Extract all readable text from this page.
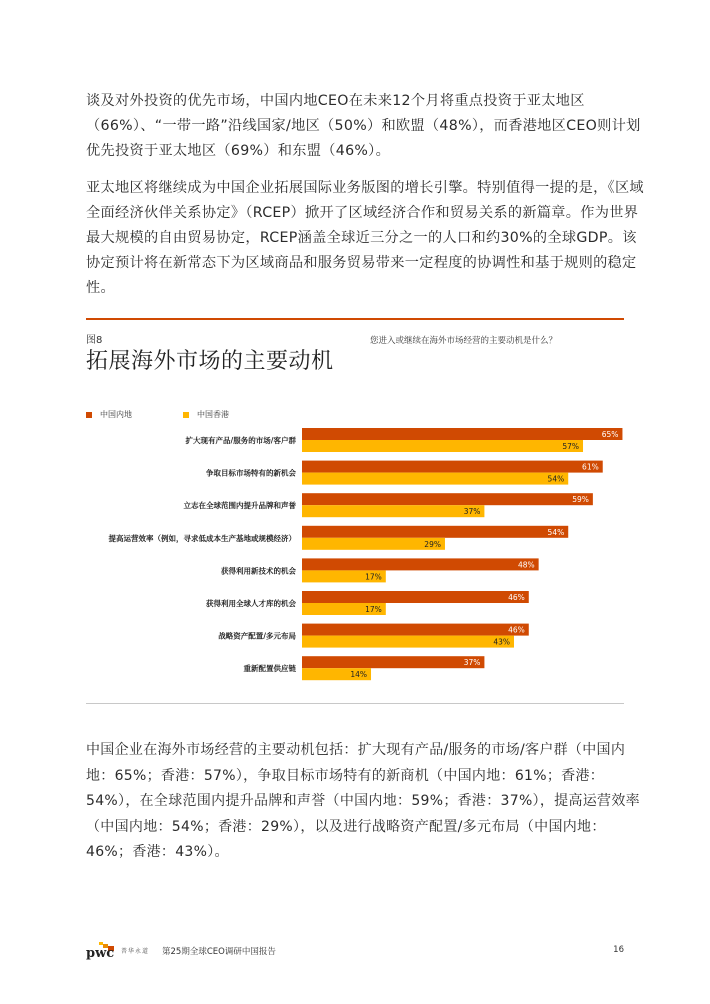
谈及对外投资的优先市场，中国内地CEO在未来12个月将重点投资于亚太地区（66%）、“一带一路”沿线国家/地区（50%）和欧盟（48%），而香港地区CEO则计划优先投资于亚太地区（69%）和东盟（46%）。

亚太地区将继续成为中国企业拓展国际业务版图的增长引擎。特别值得一提的是，《区域全面经济伙伴关系协定》（RCEP）掀开了区域经济合作和贸易关系的新篇章。作为世界最大规模的自由贸易协定，RCEP涵盖全球近三分之一的人口和约30%的全球GDP。该协定预计将在新常态下为区域商品和服务贸易带来一定程度的协调性和基于规则的稳定性。

图8	您进入或继续在海外市场经营的主要动机是什么？
拓展海外市场的主要动机
中国内地	中国香港
扩大现有产品/服务的市场/客户群
65%
57%
争取目标市场特有的新机会
61%
54%
立志在全球范围内提升品牌和声誉
59%
37%
提高运营效率（例如，寻求低成本生产基地或规模经济）
54%
29%
获得利用新技术的机会
48%
17%
获得利用全球人才库的机会
46%
17%
战略资产配置/多元布局
46%
43%
重新配置供应链
37%
14%

中国企业在海外市场经营的主要动机包括：扩大现有产品/服务的市场/客户群（中国内地：65%；香港：57%），争取目标市场特有的新商机（中国内地：61%；香港：54%），在全球范围内提升品牌和声誉（中国内地：59%；香港：37%），提高运营效率（中国内地：54%；香港：29%），以及进行战略资产配置/多元布局（中国内地：46%；香港：43%）。

pwc 普华永道 第25期全球CEO调研中国报告	16
